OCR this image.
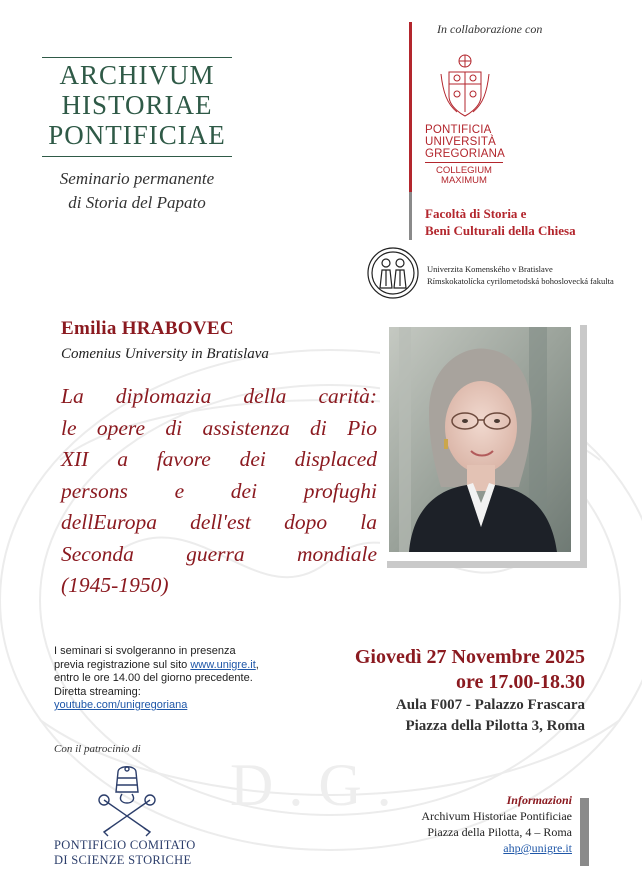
D . G .
ARCHIVUM
HISTORIAE
PONTIFICIAE
Seminario permanente
di Storia del Papato
In collaborazione con
PONTIFICIA
UNIVERSITÀ
GREGORIANA
COLLEGIUM
MAXIMUM
Facoltà di Storia e
Beni Culturali della Chiesa
Univerzita Komenského v Bratislave
Rímskokatolícka cyrilometodská bohoslovecká fakulta
Emilia HRABOVEC
Comenius University in Bratislava
La diplomazia della carità:
le opere di assistenza di Pio
XII a favore dei displaced
persons e dei profughi
dellEuropa dell'est dopo la
Seconda guerra mondiale
(1945-1950)
I seminari si svolgeranno in presenza
previa registrazione sul sito www.unigre.it,
entro le ore 14.00 del giorno precedente.
Diretta streaming:
youtube.com/unigregoriana
Con il patrocinio di
PONTIFICIO COMITATO
DI SCIENZE STORICHE
Giovedì 27 Novembre 2025
ore 17.00-18.30
Aula F007 - Palazzo Frascara
Piazza della Pilotta 3, Roma
Informazioni
Archivum Historiae Pontificiae
Piazza della Pilotta, 4 – Roma
ahp@unigre.it
